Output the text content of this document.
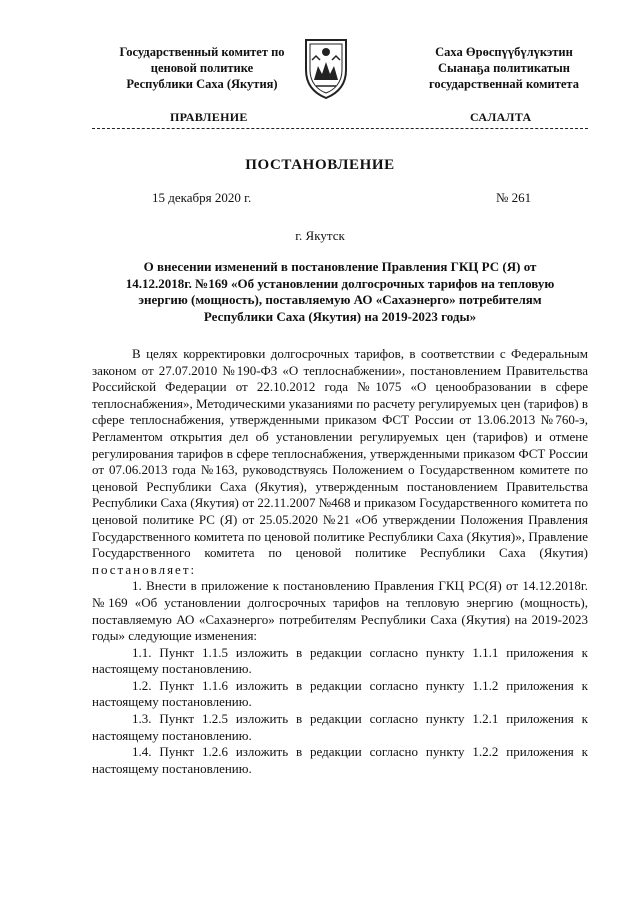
Государственный комитет по
ценовой политике
Республики Саха (Якутия)
Саха Өрөспүүбүлүкэтин
Сыанаҕа политикатын
государственнай комитета
ПРАВЛЕНИЕ	САЛАЛТА
ПОСТАНОВЛЕНИЕ
15 декабря 2020 г.	№ 261
г. Якутск
О внесении изменений в постановление Правления ГКЦ РС (Я) от
14.12.2018г. №169 «Об установлении долгосрочных тарифов на тепловую
энергию (мощность), поставляемую АО «Сахаэнерго» потребителям
Республики Саха (Якутия) на 2019-2023 годы»

В целях корректировки долгосрочных тарифов, в соответствии с Федеральным законом от 27.07.2010 №190-ФЗ «О теплоснабжении», постановлением Правительства Российской Федерации от 22.10.2012 года №1075 «О ценообразовании в сфере теплоснабжения», Методическими указаниями по расчету регулируемых цен (тарифов) в сфере теплоснабжения, утвержденными приказом ФСТ России от 13.06.2013 №760-э, Регламентом открытия дел об установлении регулируемых цен (тарифов) и отмене регулирования тарифов в сфере теплоснабжения, утвержденными приказом ФСТ России от 07.06.2013 года №163, руководствуясь Положением о Государственном комитете по ценовой Республики Саха (Якутия), утвержденным постановлением Правительства Республики Саха (Якутия) от 22.11.2007 №468 и приказом Государственного комитета по ценовой политике РС (Я) от 25.05.2020 №21 «Об утверждении Положения Правления Государственного комитета по ценовой политике Республики Саха (Якутия)», Правление Государственного комитета по ценовой политике Республики Саха (Якутия) постановляет:

1. Внести в приложение к постановлению Правления ГКЦ РС(Я) от 14.12.2018г. №169 «Об установлении долгосрочных тарифов на тепловую энергию (мощность), поставляемую АО «Сахаэнерго» потребителям Республики Саха (Якутия) на 2019-2023 годы» следующие изменения:

1.1. Пункт 1.1.5 изложить в редакции согласно пункту 1.1.1 приложения к настоящему постановлению.

1.2. Пункт 1.1.6 изложить в редакции согласно пункту 1.1.2 приложения к настоящему постановлению.

1.3. Пункт 1.2.5 изложить в редакции согласно пункту 1.2.1 приложения к настоящему постановлению.

1.4. Пункт 1.2.6 изложить в редакции согласно пункту 1.2.2 приложения к настоящему постановлению.
